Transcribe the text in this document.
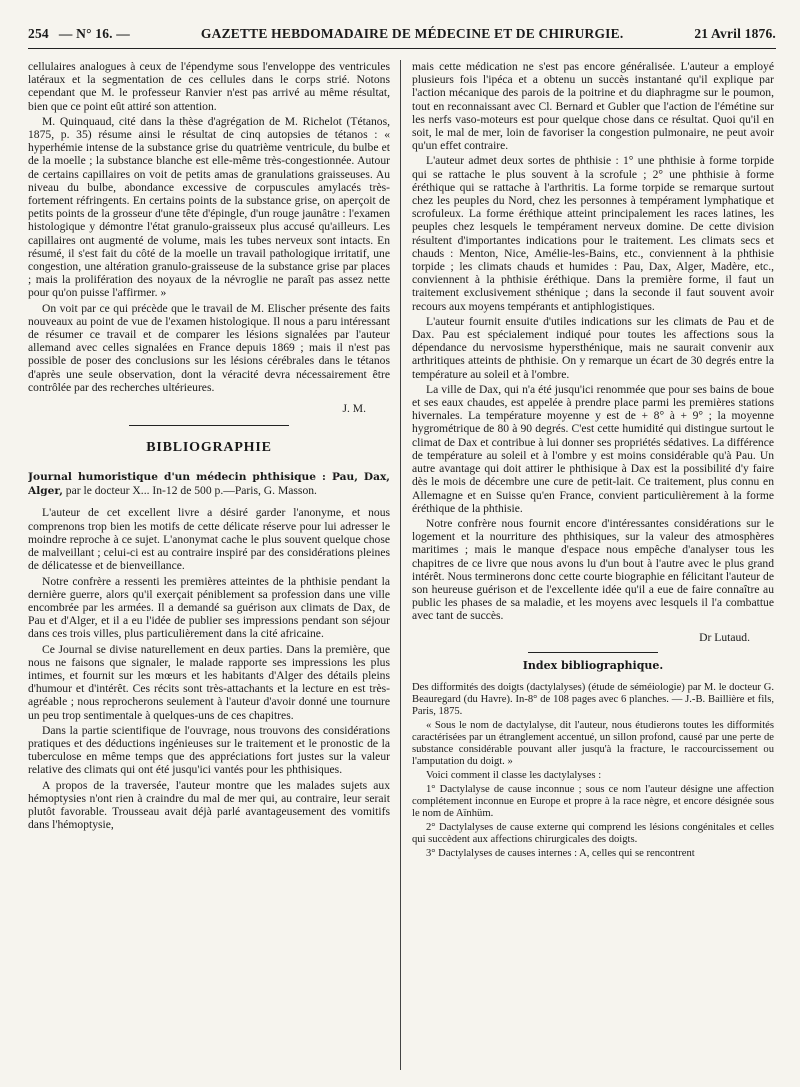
254 — N° 16. —	GAZETTE HEBDOMADAIRE DE MÉDECINE ET DE CHIRURGIE.	21 Avril 1876.

cellulaires analogues à ceux de l'épendyme sous l'enveloppe des ventricules latéraux et la segmentation de ces cellules dans le corps strié. Notons cependant que M. le professeur Ranvier n'est pas arrivé au même résultat, bien que ce point eût attiré son attention.

M. Quinquaud, cité dans la thèse d'agrégation de M. Richelot (Tétanos, 1875, p. 35) résume ainsi le résultat de cinq autopsies de tétanos : « hyperhémie intense de la substance grise du quatrième ventricule, du bulbe et de la moelle ; la substance blanche est elle-même très-congestionnée. Autour de certains capillaires on voit de petits amas de granulations graisseuses. Au niveau du bulbe, abondance excessive de corpuscules amylacés très-fortement réfringents. En certains points de la substance grise, on aperçoit de petits points de la grosseur d'une tête d'épingle, d'un rouge jaunâtre : l'examen histologique y démontre l'état granulo-graisseux plus accusé qu'ailleurs. Les capillaires ont augmenté de volume, mais les tubes nerveux sont intacts. En résumé, il s'est fait du côté de la moelle un travail pathologique irritatif, une congestion, une altération granulo-graisseuse de la substance grise par places ; mais la prolifération des noyaux de la névroglie ne paraît pas assez nette pour qu'on puisse l'affirmer. »

On voit par ce qui précède que le travail de M. Elischer présente des faits nouveaux au point de vue de l'examen histologique. Il nous a paru intéressant de résumer ce travail et de comparer les lésions signalées par l'auteur allemand avec celles signalées en France depuis 1869 ; mais il n'est pas possible de poser des conclusions sur les lésions cérébrales dans le tétanos d'après une seule observation, dont la véracité devra nécessairement être contrôlée par des recherches ultérieures.

J. M.
BIBLIOGRAPHIE

Journal humoristique d'un médecin phthisique : Pau, Dax, Alger, par le docteur X... In-12 de 500 p.—Paris, G. Masson.

L'auteur de cet excellent livre a désiré garder l'anonyme, et nous comprenons trop bien les motifs de cette délicate réserve pour lui adresser le moindre reproche à ce sujet. L'anonymat cache le plus souvent quelque chose de malveillant ; celui-ci est au contraire inspiré par des considérations pleines de délicatesse et de bienveillance.

Notre confrère a ressenti les premières atteintes de la phthisie pendant la dernière guerre, alors qu'il exerçait péniblement sa profession dans une ville encombrée par les armées. Il a demandé sa guérison aux climats de Dax, de Pau et d'Alger, et il a eu l'idée de publier ses impressions pendant son séjour dans ces trois villes, plus particulièrement dans la cité africaine.

Ce Journal se divise naturellement en deux parties. Dans la première, que nous ne faisons que signaler, le malade rapporte ses impressions les plus intimes, et fournit sur les mœurs et les habitants d'Alger des détails pleins d'humour et d'intérêt. Ces récits sont très-attachants et la lecture en est très-agréable ; nous reprocherons seulement à l'auteur d'avoir donné une tournure un peu trop sentimentale à quelques-uns de ces chapitres.

Dans la partie scientifique de l'ouvrage, nous trouvons des considérations pratiques et des déductions ingénieuses sur le traitement et le pronostic de la tuberculose en même temps que des appréciations fort justes sur la valeur relative des climats qui ont été jusqu'ici vantés pour les phthisiques.

A propos de la traversée, l'auteur montre que les malades sujets aux hémoptysies n'ont rien à craindre du mal de mer qui, au contraire, leur serait plutôt favorable. Trousseau avait déjà parlé avantageusement des vomitifs dans l'hémoptysie,

mais cette médication ne s'est pas encore généralisée. L'auteur a employé plusieurs fois l'ipéca et a obtenu un succès instantané qu'il explique par l'action mécanique des parois de la poitrine et du diaphragme sur le poumon, tout en reconnaissant avec Cl. Bernard et Gubler que l'action de l'émétine sur les nerfs vaso-moteurs est pour quelque chose dans ce résultat. Quoi qu'il en soit, le mal de mer, loin de favoriser la congestion pulmonaire, ne peut avoir qu'un effet contraire.

L'auteur admet deux sortes de phthisie : 1° une phthisie à forme torpide qui se rattache le plus souvent à la scrofule ; 2° une phthisie à forme éréthique qui se rattache à l'arthritis. La forme torpide se remarque surtout chez les peuples du Nord, chez les personnes à tempérament lymphatique et scrofuleux. La forme éréthique atteint principalement les races latines, les peuples chez lesquels le tempérament nerveux domine. De cette division résultent d'importantes indications pour le traitement. Les climats secs et chauds : Menton, Nice, Amélie-les-Bains, etc., conviennent à la phthisie torpide ; les climats chauds et humides : Pau, Dax, Alger, Madère, etc., conviennent à la phthisie éréthique. Dans la première forme, il faut un traitement exclusivement sthénique ; dans la seconde il faut souvent avoir recours aux moyens tempérants et antiphlogistiques.

L'auteur fournit ensuite d'utiles indications sur les climats de Pau et de Dax. Pau est spécialement indiqué pour toutes les affections sous la dépendance du nervosisme hypersthénique, mais ne saurait convenir aux arthritiques atteints de phthisie. On y remarque un écart de 30 degrés entre la température au soleil et à l'ombre.

La ville de Dax, qui n'a été jusqu'ici renommée que pour ses bains de boue et ses eaux chaudes, est appelée à prendre place parmi les premières stations hivernales. La température moyenne y est de + 8° à + 9° ; la moyenne hygrométrique de 80 à 90 degrés. C'est cette humidité qui distingue surtout le climat de Dax et contribue à lui donner ses propriétés sédatives. La différence de température au soleil et à l'ombre y est moins considérable qu'à Pau. Un autre avantage qui doit attirer le phthisique à Dax est la possibilité d'y faire dès le mois de décembre une cure de petit-lait. Ce traitement, plus connu en Allemagne et en Suisse qu'en France, convient particulièrement à la forme éréthique de la phthisie.

Notre confrère nous fournit encore d'intéressantes considérations sur le logement et la nourriture des phthisiques, sur la valeur des atmosphères maritimes ; mais le manque d'espace nous empêche d'analyser tous les chapitres de ce livre que nous avons lu d'un bout à l'autre avec le plus grand intérêt. Nous terminerons donc cette courte biographie en félicitant l'auteur de son heureuse guérison et de l'excellente idée qu'il a eue de faire connaître au public les phases de sa maladie, et les moyens avec lesquels il l'a combattue avec tant de succès.

Dr Lutaud.
Index bibliographique.

Des difformités des doigts (dactylalyses) (étude de séméiologie) par M. le docteur G. Beauregard (du Havre). In-8° de 108 pages avec 6 planches. — J.-B. Baillière et fils, Paris, 1875.

« Sous le nom de dactylalyse, dit l'auteur, nous étudierons toutes les difformités caractérisées par un étranglement accentué, un sillon profond, causé par une perte de substance considérable pouvant aller jusqu'à la fracture, le raccourcissement ou l'amputation du doigt. »

Voici comment il classe les dactylalyses :

1° Dactylalyse de cause inconnue ; sous ce nom l'auteur désigne une affection complétement inconnue en Europe et propre à la race nègre, et encore désignée sous le nom de Aïnhüm.

2° Dactylalyses de cause externe qui comprend les lésions congénitales et celles qui succèdent aux affections chirurgicales des doigts.

3° Dactylalyses de causes internes : A, celles qui se rencontrent
